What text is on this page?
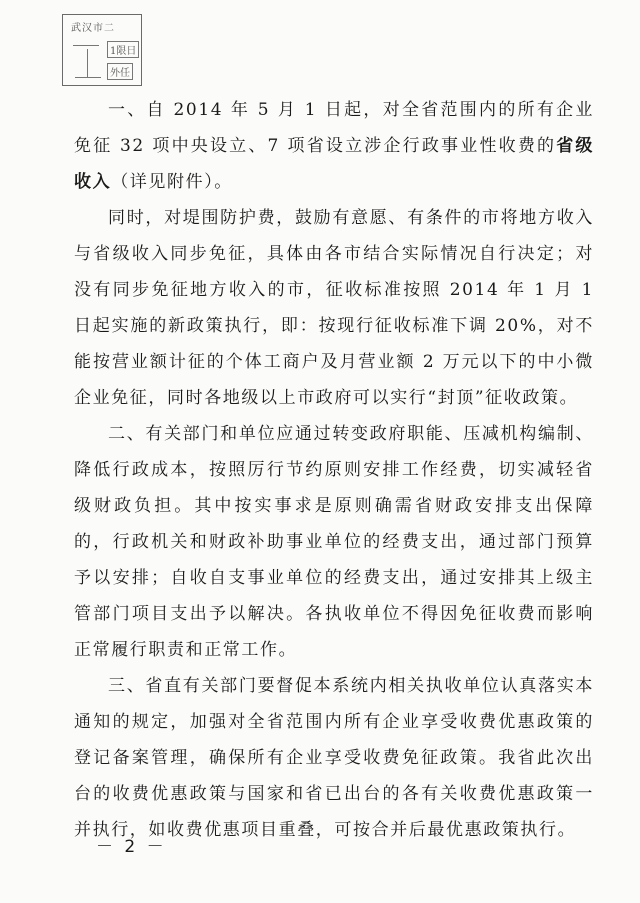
武汉市二
1限日
外任

一、自 2014 年 5 月 1 日起，对全省范围内的所有企业免征 32 项中央设立、7 项省设立涉企行政事业性收费的省级收入（详见附件）。

同时，对堤围防护费，鼓励有意愿、有条件的市将地方收入与省级收入同步免征，具体由各市结合实际情况自行决定；对没有同步免征地方收入的市，征收标准按照 2014 年 1 月 1 日起实施的新政策执行，即：按现行征收标准下调 20%，对不能按营业额计征的个体工商户及月营业额 2 万元以下的中小微企业免征，同时各地级以上市政府可以实行“封顶”征收政策。

二、有关部门和单位应通过转变政府职能、压减机构编制、降低行政成本，按照厉行节约原则安排工作经费，切实减轻省级财政负担。其中按实事求是原则确需省财政安排支出保障的，行政机关和财政补助事业单位的经费支出，通过部门预算予以安排；自收自支事业单位的经费支出，通过安排其上级主管部门项目支出予以解决。各执收单位不得因免征收费而影响正常履行职责和正常工作。

三、省直有关部门要督促本系统内相关执收单位认真落实本通知的规定，加强对全省范围内所有企业享受收费优惠政策的登记备案管理，确保所有企业享受收费免征政策。我省此次出台的收费优惠政策与国家和省已出台的各有关收费优惠政策一并执行，如收费优惠项目重叠，可按合并后最优惠政策执行。

－ 2 －
